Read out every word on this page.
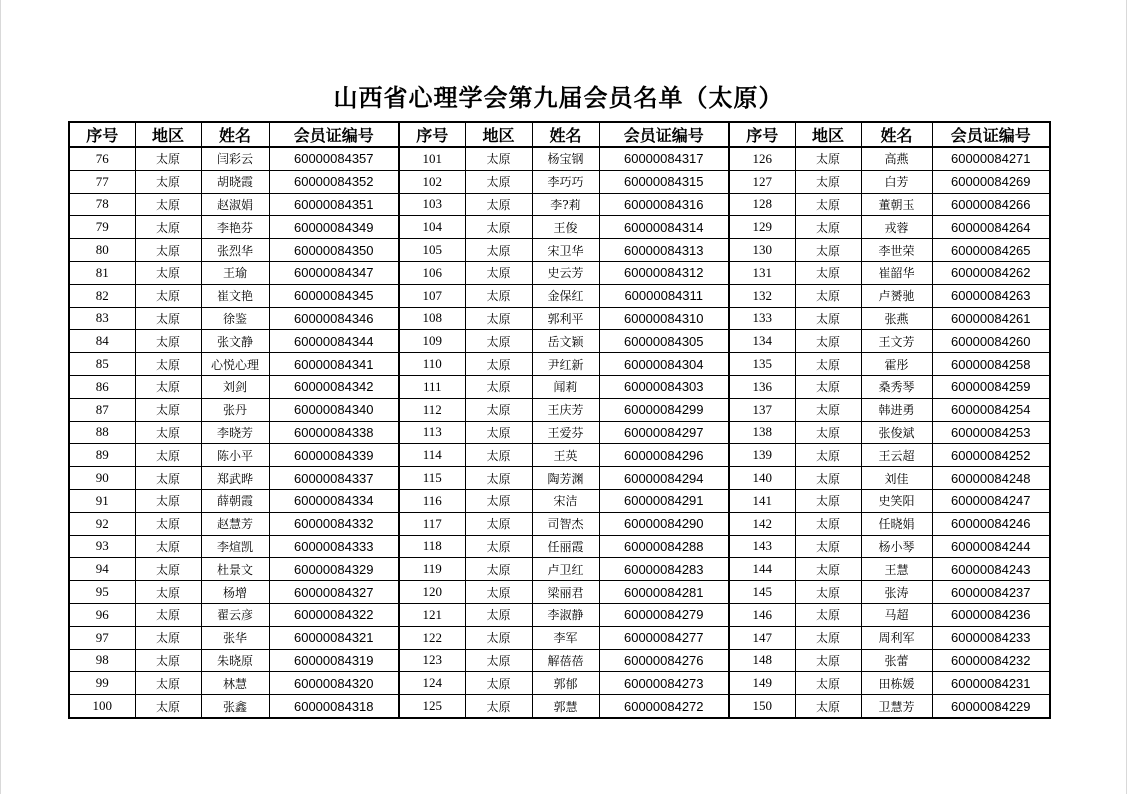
山西省心理学会第九届会员名单（太原）
序号	地区	姓名	会员证编号	序号	地区	姓名	会员证编号	序号	地区	姓名	会员证编号
76	太原	闫彩云	60000084357	101	太原	杨宝钢	60000084317	126	太原	高燕	60000084271
77	太原	胡晓霞	60000084352	102	太原	李巧巧	60000084315	127	太原	白芳	60000084269
78	太原	赵淑娟	60000084351	103	太原	李?莉	60000084316	128	太原	董朝玉	60000084266
79	太原	李艳芬	60000084349	104	太原	王俊	60000084314	129	太原	戎蓉	60000084264
80	太原	张烈华	60000084350	105	太原	宋卫华	60000084313	130	太原	李世荣	60000084265
81	太原	王瑜	60000084347	106	太原	史云芳	60000084312	131	太原	崔韶华	60000084262
82	太原	崔文艳	60000084345	107	太原	金保红	60000084311	132	太原	卢赟驰	60000084263
83	太原	徐鉴	60000084346	108	太原	郭利平	60000084310	133	太原	张燕	60000084261
84	太原	张文静	60000084344	109	太原	岳文颖	60000084305	134	太原	王文芳	60000084260
85	太原	心悦心理	60000084341	110	太原	尹红新	60000084304	135	太原	霍彤	60000084258
86	太原	刘剑	60000084342	111	太原	闻莉	60000084303	136	太原	桑秀琴	60000084259
87	太原	张丹	60000084340	112	太原	王庆芳	60000084299	137	太原	韩进勇	60000084254
88	太原	李晓芳	60000084338	113	太原	王爱芬	60000084297	138	太原	张俊斌	60000084253
89	太原	陈小平	60000084339	114	太原	王英	60000084296	139	太原	王云超	60000084252
90	太原	郑武晔	60000084337	115	太原	陶芳渊	60000084294	140	太原	刘佳	60000084248
91	太原	薛朝霞	60000084334	116	太原	宋洁	60000084291	141	太原	史笑阳	60000084247
92	太原	赵慧芳	60000084332	117	太原	司智杰	60000084290	142	太原	任晓娟	60000084246
93	太原	李煊凯	60000084333	118	太原	任丽霞	60000084288	143	太原	杨小琴	60000084244
94	太原	杜景文	60000084329	119	太原	卢卫红	60000084283	144	太原	王慧	60000084243
95	太原	杨增	60000084327	120	太原	梁丽君	60000084281	145	太原	张涛	60000084237
96	太原	翟云彦	60000084322	121	太原	李淑静	60000084279	146	太原	马超	60000084236
97	太原	张华	60000084321	122	太原	李军	60000084277	147	太原	周利军	60000084233
98	太原	朱晓原	60000084319	123	太原	解蓓蓓	60000084276	148	太原	张蕾	60000084232
99	太原	林慧	60000084320	124	太原	郭郁	60000084273	149	太原	田栋媛	60000084231
100	太原	张鑫	60000084318	125	太原	郭慧	60000084272	150	太原	卫慧芳	60000084229
